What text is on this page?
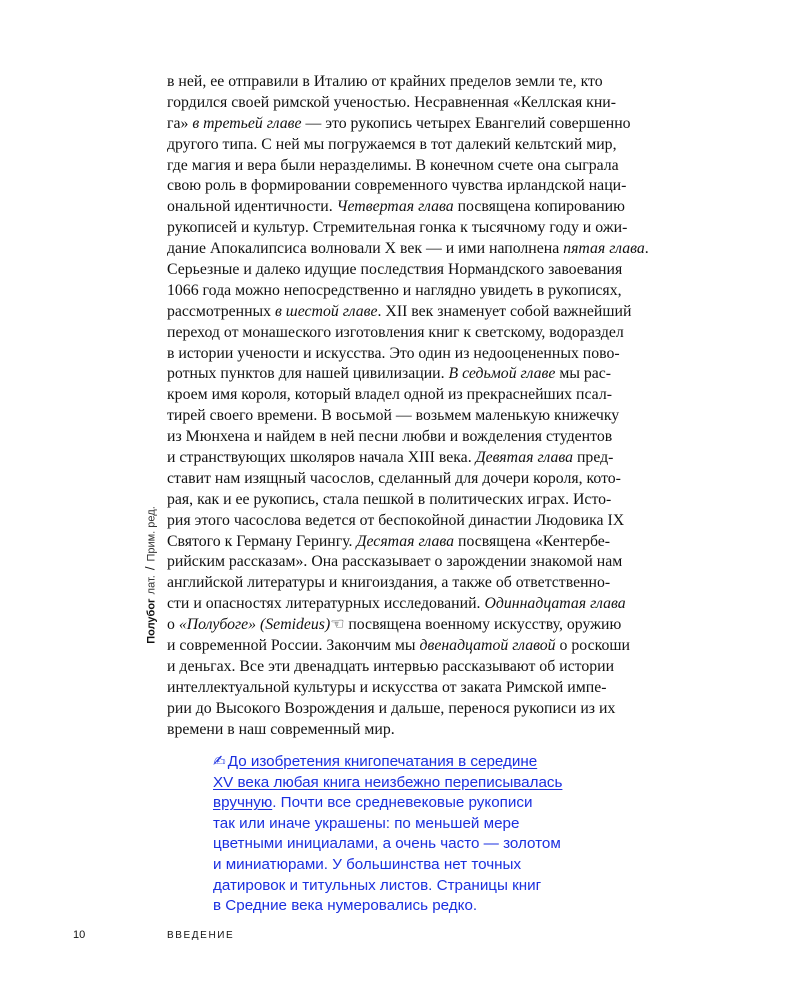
в ней, ее отправили в Италию от крайних пределов земли те, кто
гордился своей римской ученостью. Несравненная «Келлская кни-
га» в третьей главе — это рукопись четырех Евангелий совершенно
другого типа. С ней мы погружаемся в тот далекий кельтский мир,
где магия и вера были неразделимы. В конечном счете она сыграла
свою роль в формировании современного чувства ирландской наци-
ональной идентичности. Четвертая глава посвящена копированию
рукописей и культур. Стремительная гонка к тысячному году и ожи-
дание Апокалипсиса волновали X век — и ими наполнена пятая глава.
Серьезные и далеко идущие последствия Нормандского завоевания
1066 года можно непосредственно и наглядно увидеть в рукописях,
рассмотренных в шестой главе. XII век знаменует собой важнейший
переход от монашеского изготовления книг к светскому, водораздел
в истории учености и искусства. Это один из недооцененных пово-
ротных пунктов для нашей цивилизации. В седьмой главе мы рас-
кроем имя короля, который владел одной из прекраснейших псал-
тирей своего времени. В восьмой — возьмем маленькую книжечку
из Мюнхена и найдем в ней песни любви и вожделения студентов
и странствующих школяров начала XIII века. Девятая глава пред-
ставит нам изящный часослов, сделанный для дочери короля, кото-
рая, как и ее рукопись, стала пешкой в политических играх. Исто-
рия этого часослова ведется от беспокойной династии Людовика IX
Святого к Герману Герингу. Десятая глава посвящена «Кентербе-
рийским рассказам». Она рассказывает о зарождении знакомой нам
английской литературы и книгоиздания, а также об ответственно-
сти и опасностях литературных исследований. Одиннадцатая глава
о «Полубоге» (Semideus)☜ посвящена военному искусству, оружию
и современной России. Закончим мы двенадцатой главой о роскоши
и деньгах. Все эти двенадцать интервью рассказывают об истории
интеллектуальной культуры и искусства от заката Римской импе-
рии до Высокого Возрождения и дальше, перенося рукописи из их
времени в наш современный мир.
Полубоглат./Прим. ред.
✍ До изобретения книгопечатания в середине
XV века любая книга неизбежно переписывалась
вручную. Почти все средневековые рукописи
так или иначе украшены: по меньшей мере
цветными инициалами, а очень часто — золотом
и миниатюрами. У большинства нет точных
датировок и титульных листов. Страницы книг
в Средние века нумеровались редко.
10	ВВЕДЕНИЕ
